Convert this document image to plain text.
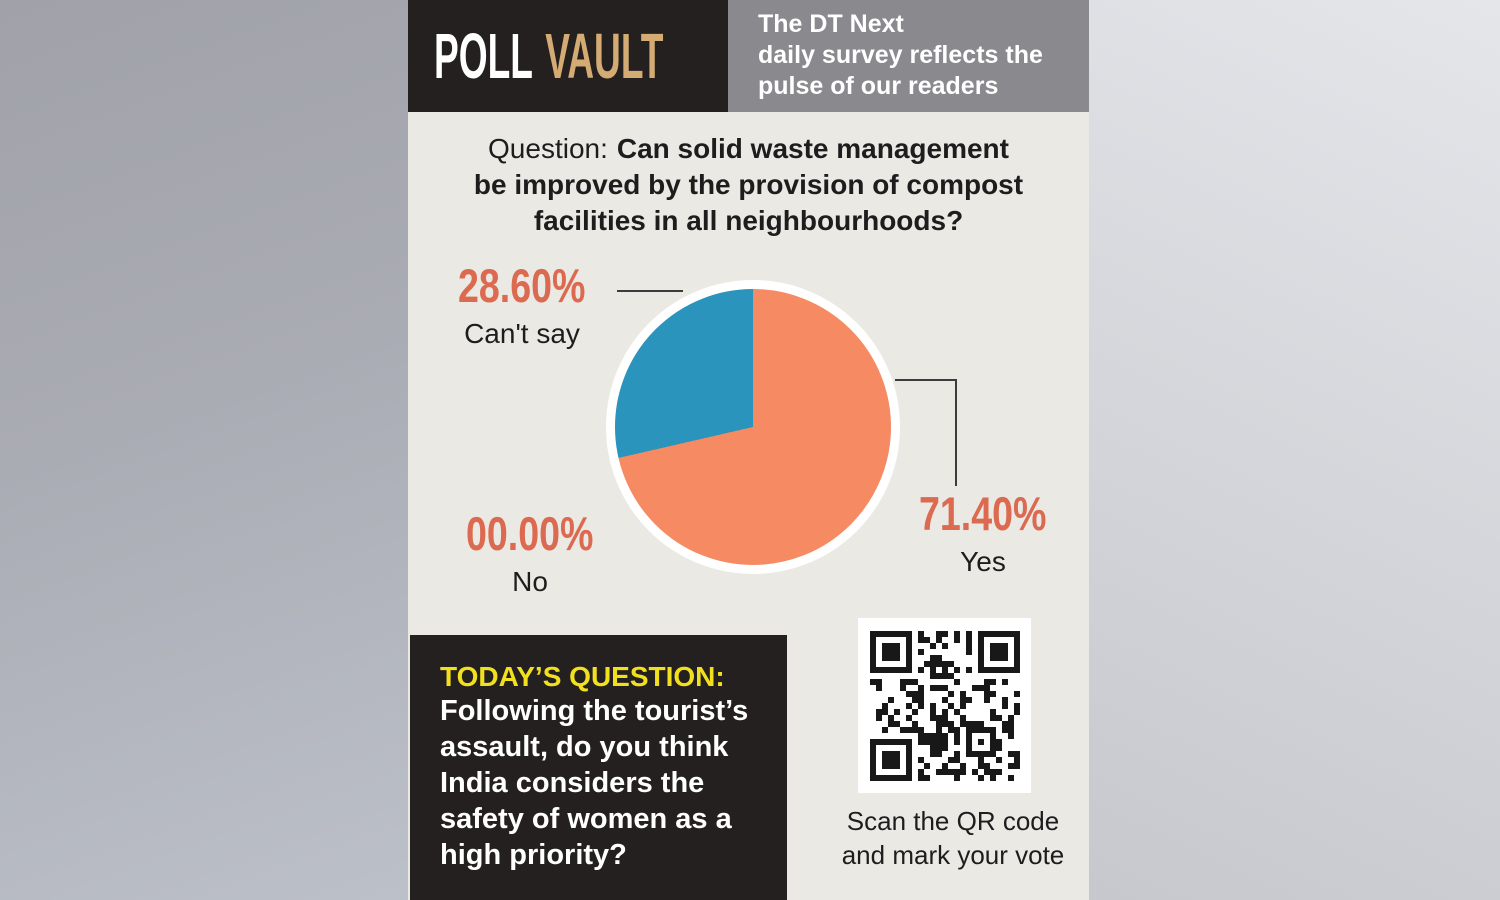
POLL VAULT	The DT Next
daily survey reflects the
pulse of our readers
Question: Can solid waste management
be improved by the provision of compost
facilities in all neighbourhoods?
28.60%
Can't say
00.00%
No
71.40%
Yes
TODAY’S QUESTION:
Following the tourist’s
assault, do you think
India considers the
safety of women as a
high priority?
Scan the QR code
and mark your vote
